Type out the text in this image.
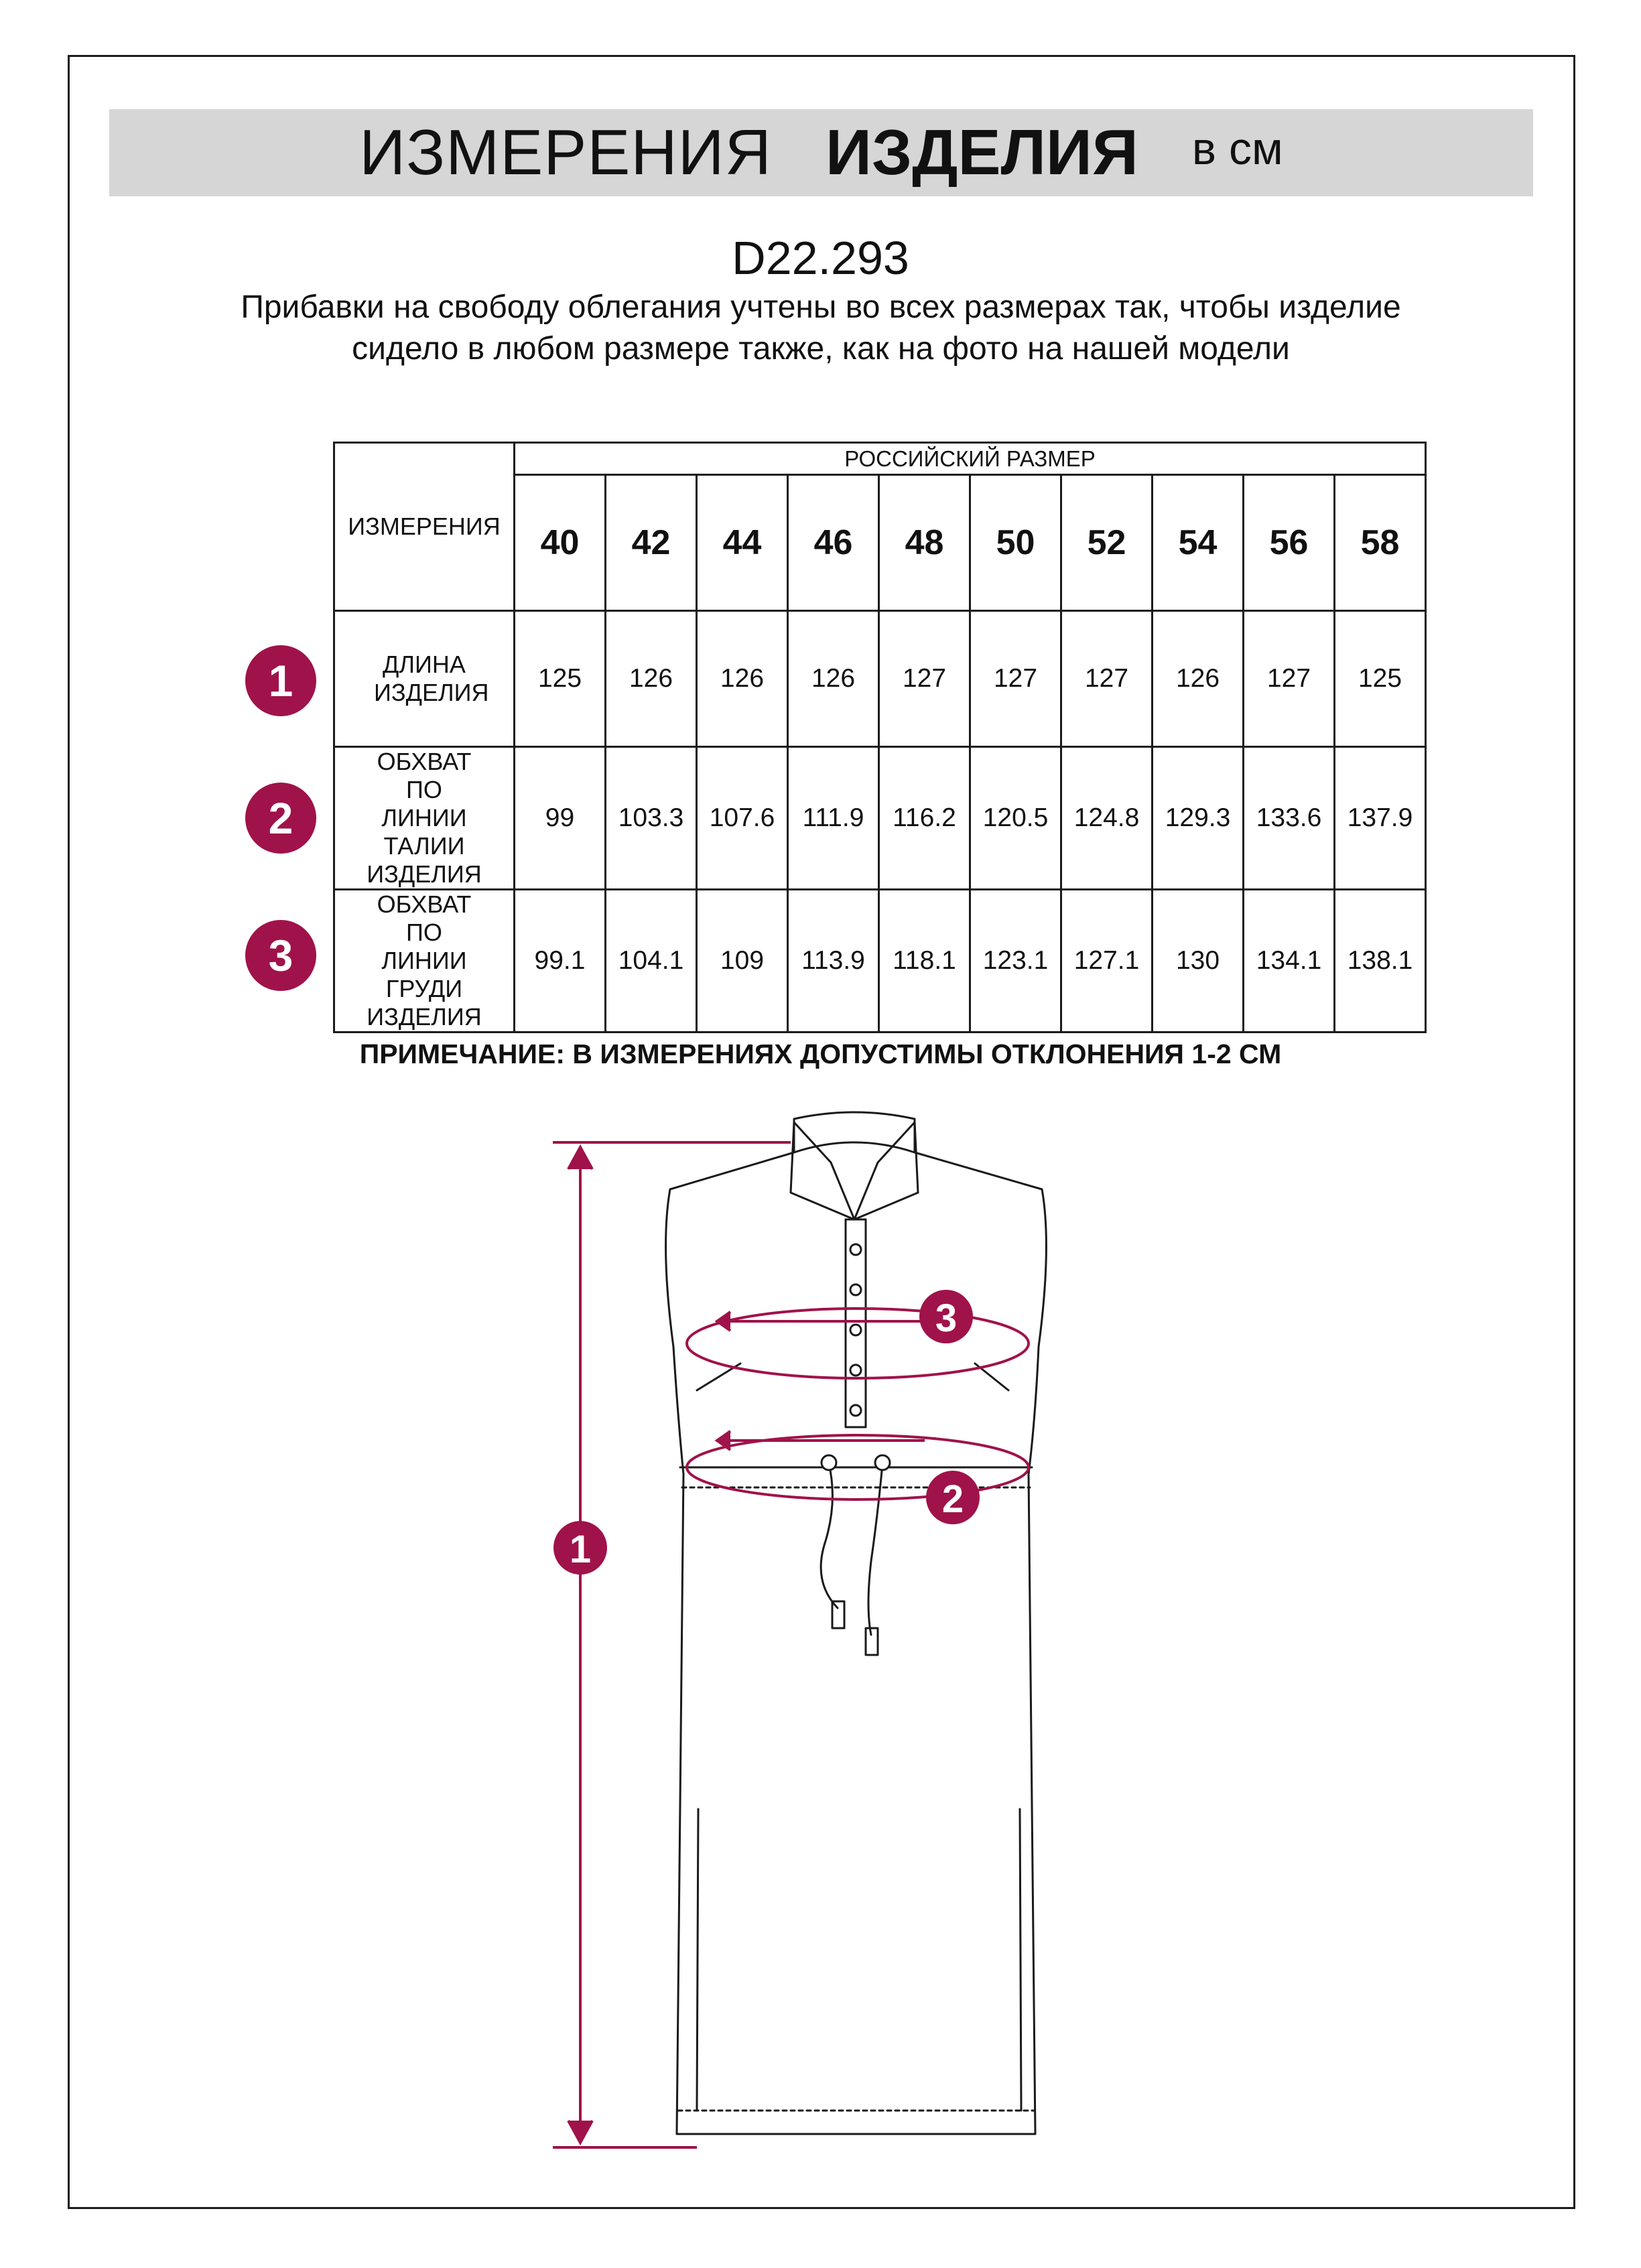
ИЗМЕРЕНИЯ ИЗДЕЛИЯ в см
D22.293
Прибавки на свободу облегания учтены во всех размерах так, чтобы изделие сидело в любом размере также, как на фото на нашей модели
ИЗМЕРЕНИЯ	РОССИЙСКИЙ РАЗМЕР									
	40	42	44	46	48	50	52	54	56	58
ДЛИНА ИЗДЕЛИЯ	125	126	126	126	127	127	127	126	127	125
ОБХВАТ ПО ЛИНИИ ТАЛИИ ИЗДЕЛИЯ	99	103.3	107.6	111.9	116.2	120.5	124.8	129.3	133.6	137.9
ОБХВАТ ПО ЛИНИИ ГРУДИ ИЗДЕЛИЯ	99.1	104.1	109	113.9	118.1	123.1	127.1	130	134.1	138.1
1
2
3
ПРИМЕЧАНИЕ: В ИЗМЕРЕНИЯХ ДОПУСТИМЫ ОТКЛОНЕНИЯ 1-2 СМ
3
2
1
